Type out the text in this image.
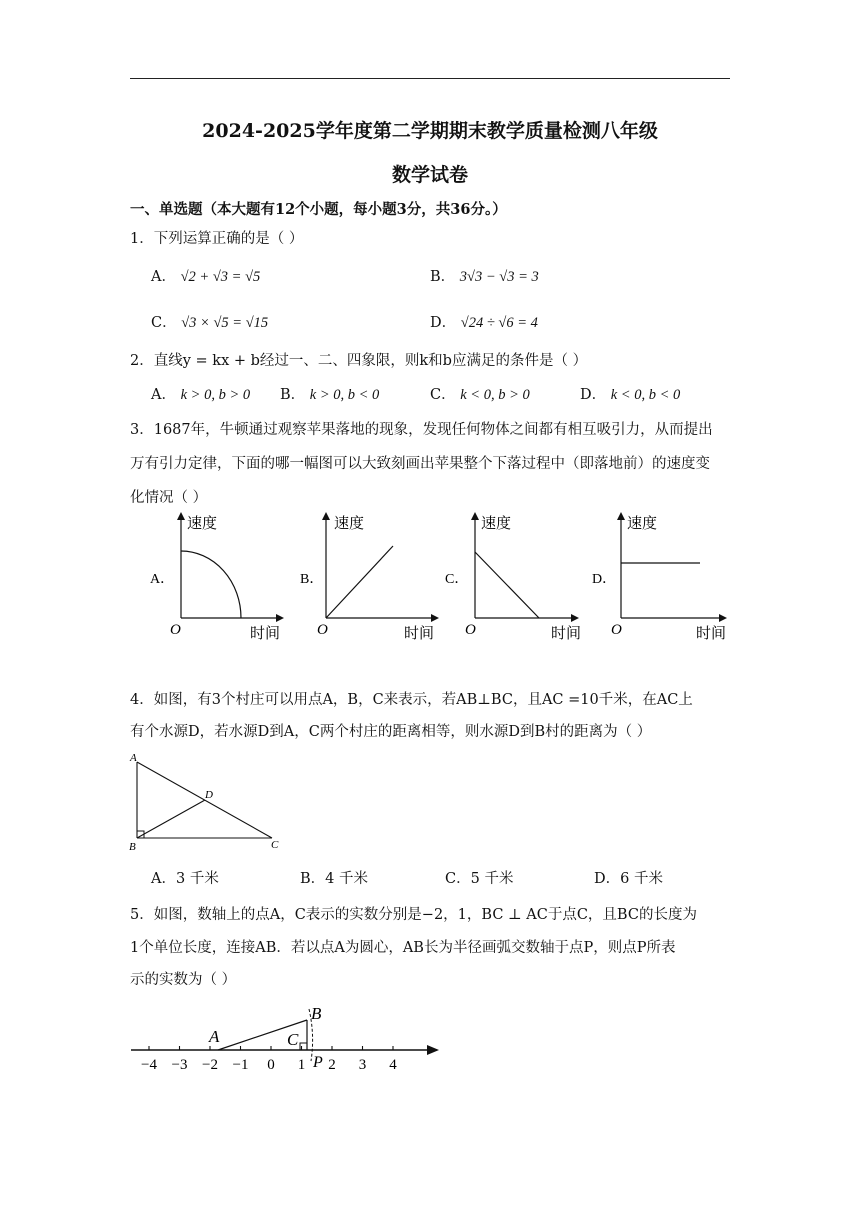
2024-2025学年度第二学期期末教学质量检测八年级
数学试卷
一、单选题（本大题有12个小题，每小题3分，共36分。）
1．下列运算正确的是（ ）
A． √2 + √3 = √5	B． 3√3 − √3 = 3
C． √3 × √5 = √15	D． √24 ÷ √6 = 4
2．直线y = kx + b经过一、二、四象限，则k和b应满足的条件是（ ）
A． k > 0, b > 0 B． k > 0, b < 0	C． k < 0, b > 0	D． k < 0, b < 0
3．1687年，牛顿通过观察苹果落地的现象，发现任何物体之间都有相互吸引力，从而提出
万有引力定律，下面的哪一幅图可以大致刻画出苹果整个下落过程中（即落地前）的速度变
化情况（ ）
A．
速度
时间
O
B．
速度
时间
O
C．
速度
时间
O
D．
速度
时间
O
4．如图，有3个村庄可以用点A，B，C来表示，若AB⊥BC，且AC =10千米，在AC上
有个水源D，若水源D到A，C两个村庄的距离相等，则水源D到B村的距离为（ ）
A
B	C
D
A．3 千米	B．4 千米	C．5 千米	D．6 千米
5．如图，数轴上的点A，C表示的实数分别是−2，1，BC ⊥ AC于点C，且BC的长度为
1个单位长度，连接AB．若以点A为圆心，AB长为半径画弧交数轴于点P，则点P所表
示的实数为（ ）
−4 −3 −2 −1 0 1 2 3 4
A
B
C
P
